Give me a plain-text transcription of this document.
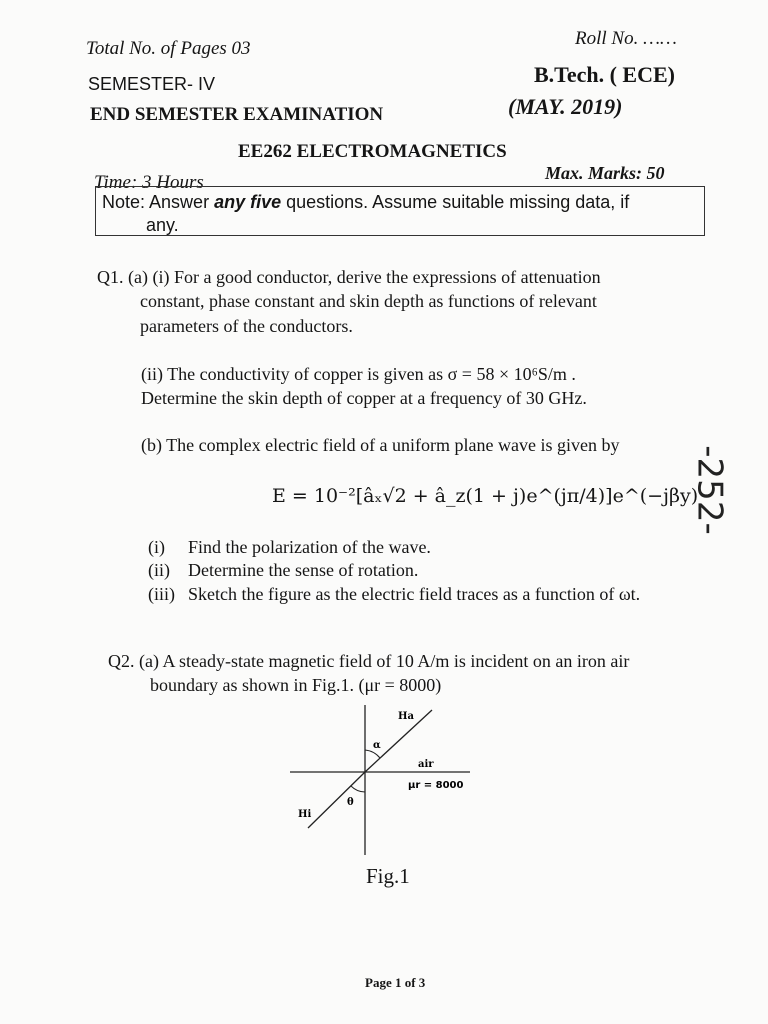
Total No. of Pages 03	Roll No. ……
SEMESTER- IV	B.Tech. ( ECE)
END SEMESTER EXAMINATION	(MAY. 2019)
EE262 ELECTROMAGNETICS
Time: 3 Hours	Max. Marks: 50
Note: Answer any five questions. Assume suitable missing data, if
any.
Q1. (a) (i) For a good conductor, derive the expressions of attenuation
constant, phase constant and skin depth as functions of relevant
parameters of the conductors.
(ii) The conductivity of copper is given as σ = 58 × 10⁶S/m .
Determine the skin depth of copper at a frequency of 30 GHz.
(b) The complex electric field of a uniform plane wave is given by
E = 10⁻²[âₓ√2 + â_z(1 + j)e^(jπ/4)]e^(−jβy)
(i) Find the polarization of the wave.
(ii) Determine the sense of rotation.
(iii) Sketch the figure as the electric field traces as a function of ωt.
-252-
Q2. (a) A steady-state magnetic field of 10 A/m is incident on an iron air
boundary as shown in Fig.1. (μr = 8000)
Ha
α
air
μr = 8000
θ
Hi
Fig.1
Page 1 of 3
